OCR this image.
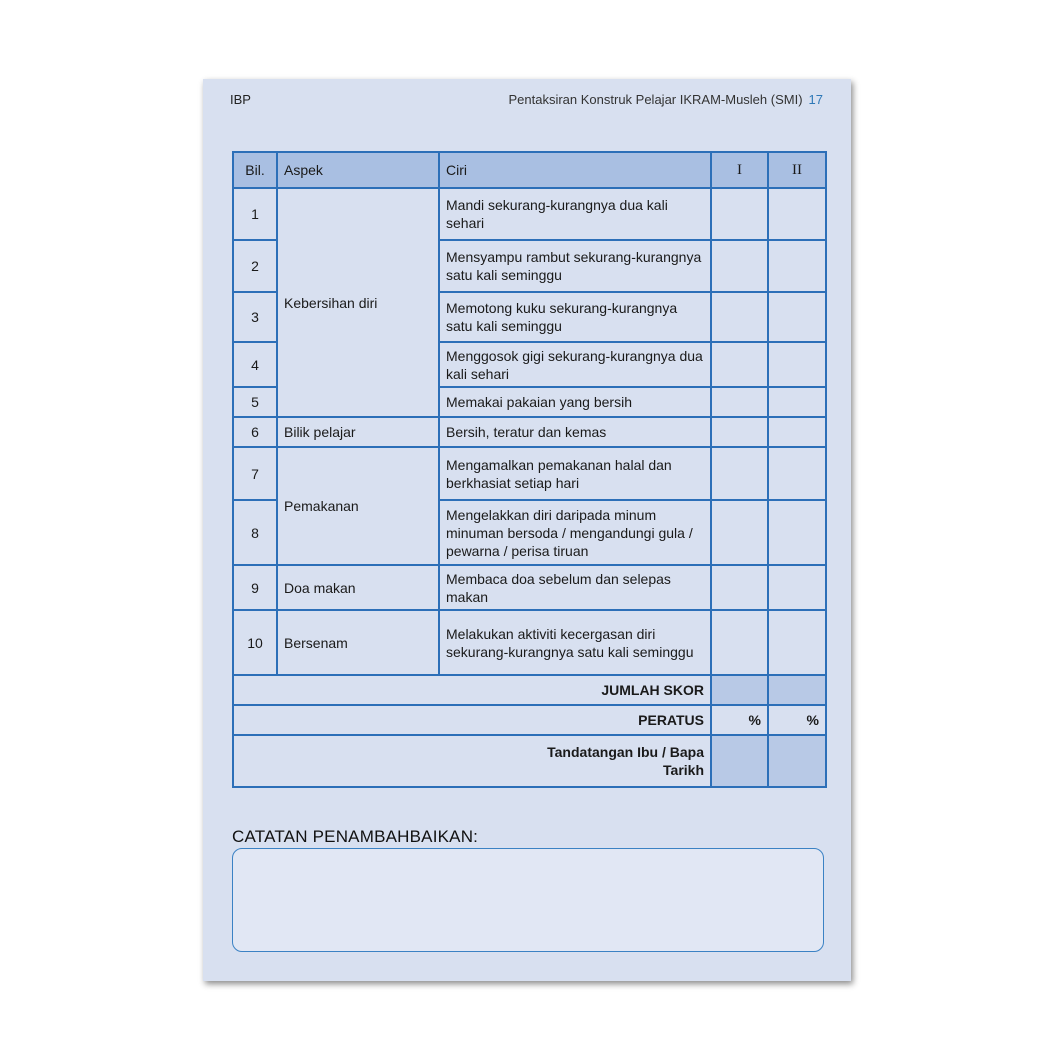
IBP	Pentaksiran Konstruk Pelajar IKRAM-Musleh (SMI) 17
Bil.	Aspek	Ciri	I	II
1	Kebersihan diri	Mandi sekurang-kurangnya dua kali sehari		
2		Mensyampu rambut sekurang-kurangnya satu kali seminggu		
3		Memotong kuku sekurang-kurangnya satu kali seminggu		
4		Menggosok gigi sekurang-kurangnya dua kali sehari		
5		Memakai pakaian yang bersih		
6	Bilik pelajar	Bersih, teratur dan kemas		
7	Pemakanan	Mengamalkan pemakanan halal dan berkhasiat setiap hari		
8		Mengelakkan diri daripada minum minuman bersoda / mengandungi gula / pewarna / perisa tiruan		
9	Doa makan	Membaca doa sebelum dan selepas makan		
10	Bersenam	Melakukan aktiviti kecergasan diri sekurang-kurangnya satu kali seminggu		
JUMLAH SKOR				
PERATUS			%	%

Tandatangan Ibu / Bapa
Tarikh				

CATATAN PENAMBAHBAIKAN:
